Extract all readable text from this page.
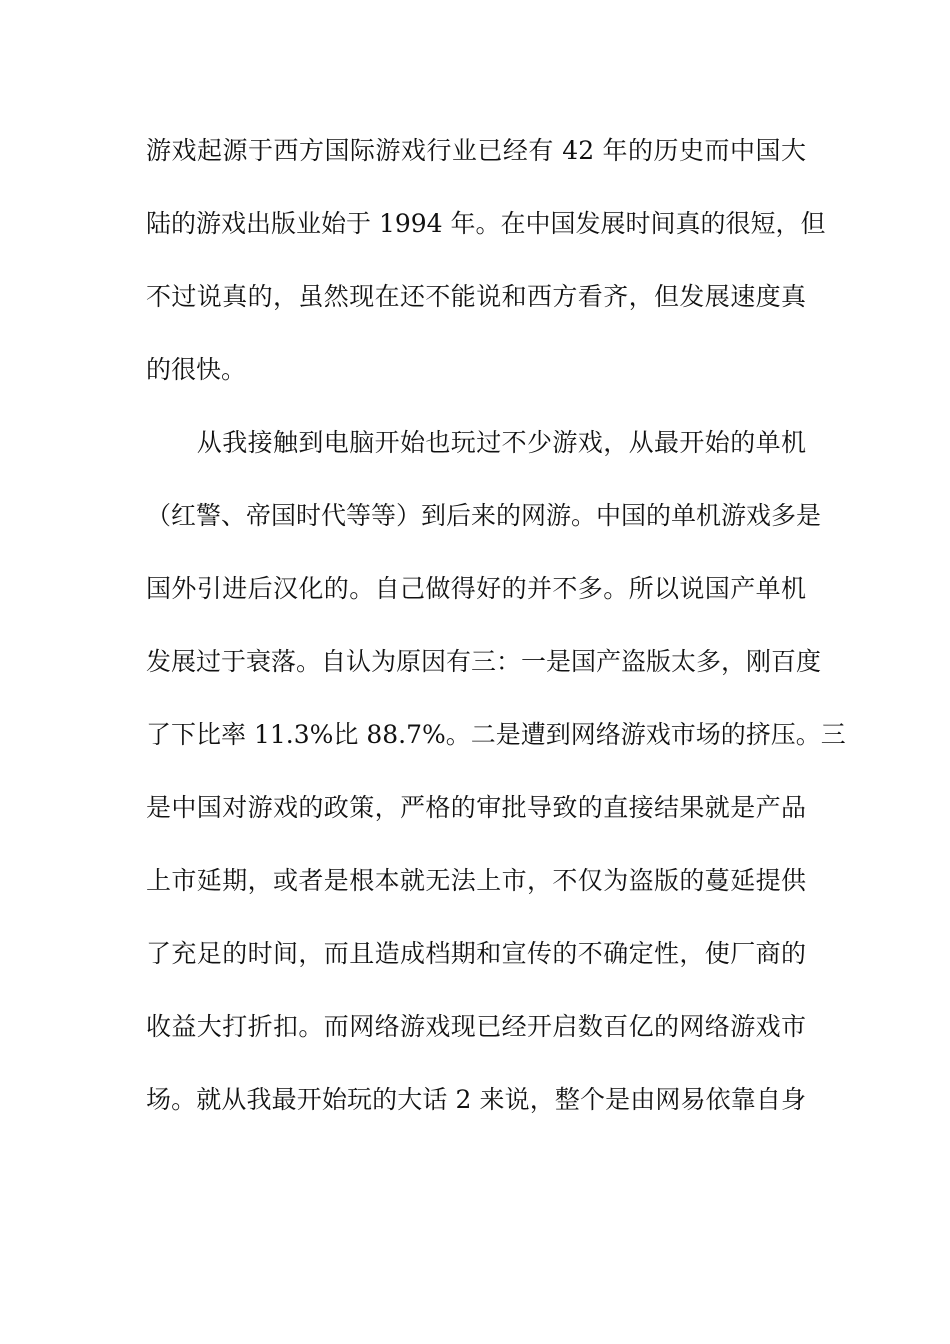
游戏起源于西方国际游戏行业已经有 42 年的历史而中国大
陆的游戏出版业始于 1994 年。在中国发展时间真的很短，但
不过说真的，虽然现在还不能说和西方看齐，但发展速度真
的很快。
　　从我接触到电脑开始也玩过不少游戏，从最开始的单机
（红警、帝国时代等等）到后来的网游。中国的单机游戏多是
国外引进后汉化的。自己做得好的并不多。所以说国产单机
发展过于衰落。自认为原因有三：一是国产盗版太多，刚百度
了下比率 11.3%比 88.7%。二是遭到网络游戏市场的挤压。三
是中国对游戏的政策，严格的审批导致的直接结果就是产品
上市延期，或者是根本就无法上市，不仅为盗版的蔓延提供
了充足的时间，而且造成档期和宣传的不确定性，使厂商的
收益大打折扣。而网络游戏现已经开启数百亿的网络游戏市
场。就从我最开始玩的大话 2 来说，整个是由网易依靠自身
